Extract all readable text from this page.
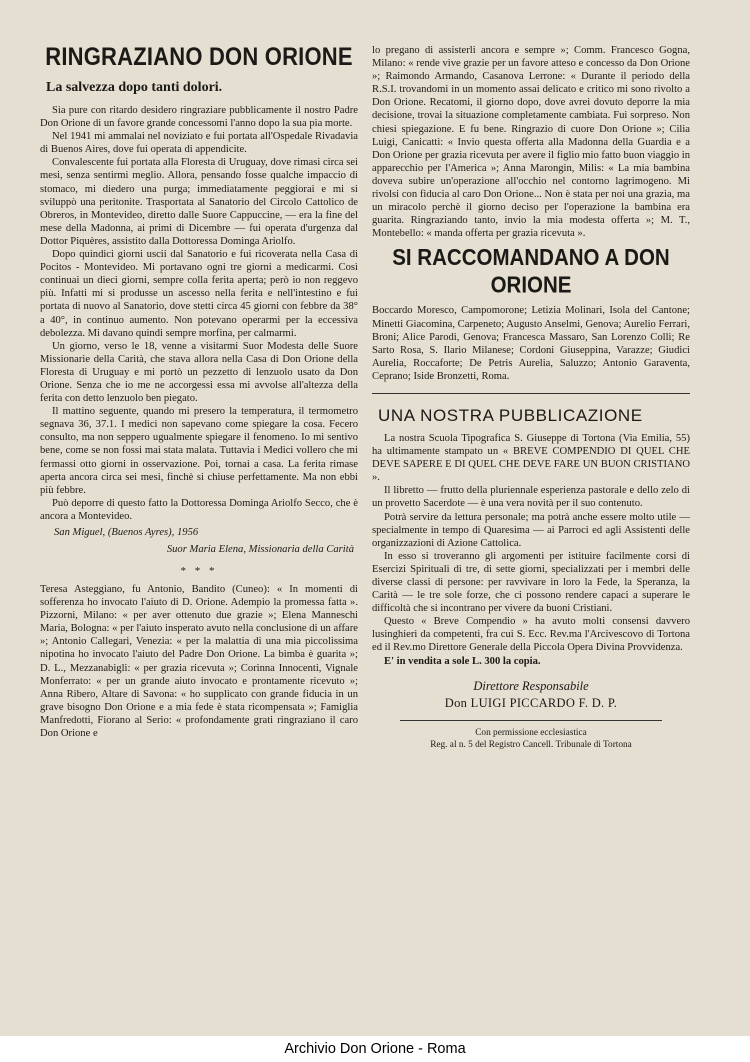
RINGRAZIANO DON ORIONE
La salvezza dopo tanti dolori.

Sia pure con ritardo desidero ringraziare pubblicamente il nostro Padre Don Orione di un favore grande concessomi l'anno dopo la sua pia morte.

Nel 1941 mi ammalai nel noviziato e fui portata all'Ospedale Rivadavia di Buenos Aires, dove fui operata di appendicite.

Convalescente fui portata alla Floresta di Uruguay, dove rimasi circa sei mesi, senza sentirmi meglio. Allora, pensando fosse qualche impaccio di stomaco, mi diedero una purga; immediatamente peggiorai e mi si sviluppò una peritonite. Trasportata al Sanatorio del Circolo Cattolico de Obreros, in Montevideo, diretto dalle Suore Cappuccine, — era la fine del mese della Madonna, ai primi di Dicembre — fui operata d'urgenza dal Dottor Piquères, assistito dalla Dottoressa Dominga Ariolfo.

Dopo quindici giorni uscii dal Sanatorio e fui ricoverata nella Casa di Pocitos - Montevideo. Mi portavano ogni tre giorni a medicarmi. Così continuai un dieci giorni, sempre colla ferita aperta; però io non reggevo più. Infatti mi si produsse un ascesso nella ferita e nell'intestino e fui portata di nuovo al Sanatorio, dove stetti circa 45 giorni con febbre da 38° a 40°, in continuo aumento. Non potevano operarmi per la eccessiva debolezza. Mi davano quindi sempre morfina, per calmarmi.

Un giorno, verso le 18, venne a visitarmi Suor Modesta delle Suore Missionarie della Carità, che stava allora nella Casa di Don Orione della Floresta di Uruguay e mi portò un pezzetto di lenzuolo usato da Don Orione. Senza che io me ne accorgessi essa mi avvolse all'altezza della ferita con detto lenzuolo ben piegato.

Il mattino seguente, quando mi presero la temperatura, il termometro segnava 36, 37.1. I medici non sapevano come spiegare la cosa. Fecero consulto, ma non seppero ugualmente spiegare il fenomeno. Io mi sentivo bene, come se non fossi mai stata malata. Tuttavia i Medici vollero che mi fermassi otto giorni in osservazione. Poi, tornai a casa. La ferita rimase aperta ancora circa sei mesi, finchè si chiuse perfettamente. Ma non ebbi più febbre.

Può deporre di questo fatto la Dottoressa Dominga Ariolfo Secco, che è ancora a Montevideo.

San Miguel, (Buenos Ayres), 1956
Suor Maria Elena, Missionaria della Carità
* * *

Teresa Asteggiano, fu Antonio, Bandito (Cuneo): « In momenti di sofferenza ho invocato l'aiuto di D. Orione. Adempio la promessa fatta ». Pizzorni, Milano: « per aver ottenuto due grazie »; Elena Manneschi Maria, Bologna: « per l'aiuto insperato avuto nella conclusione di un affare »; Antonio Callegari, Venezia: « per la malattia di una mia piccolissima nipotina ho invocato l'aiuto del Padre Don Orione. La bimba è guarita »; D. L., Mezzanabigli: « per grazia ricevuta »; Corinna Innocenti, Vignale Monferrato: « per un grande aiuto invocato e prontamente ricevuto »; Anna Ribero, Altare di Savona: « ho supplicato con grande fiducia in un grave bisogno Don Orione e a mia fede è stata ricompensata »; Famiglia Manfredotti, Fiorano al Serio: « profondamente grati ringraziano il caro Don Orione e

lo pregano di assisterli ancora e sempre »; Comm. Francesco Gogna, Milano: « rende vive grazie per un favore atteso e concesso da Don Orione »; Raimondo Armando, Casanova Lerrone: « Durante il periodo della R.S.I. trovandomi in un momento assai delicato e critico mi sono rivolto a Don Orione. Recatomi, il giorno dopo, dove avrei dovuto deporre la mia decisione, trovai la situazione completamente cambiata. Fui sorpreso. Non chiesi spiegazione. E fu bene. Ringrazio di cuore Don Orione »; Cilia Luigi, Canicattì: « Invio questa offerta alla Madonna della Guardia e a Don Orione per grazia ricevuta per avere il figlio mio fatto buon viaggio in apparecchio per l'America »; Anna Marongin, Milis: « La mia bambina doveva subire un'operazione all'occhio nel contorno lagrimogeno. Mi rivolsi con fiducia al caro Don Orione... Non è stata per noi una grazia, ma un miracolo perchè il giorno deciso per l'operazione la bambina era guarita. Ringraziando tanto, invio la mia modesta offerta »; M. T., Montebello: « manda offerta per grazia ricevuta ».

SI RACCOMANDANO A DON ORIONE

Boccardo Moresco, Campomorone; Letizia Molinari, Isola del Cantone; Minetti Giacomina, Carpeneto; Augusto Anselmi, Genova; Aurelio Ferrari, Broni; Alice Parodi, Genova; Francesca Massaro, San Lorenzo Colli; Re Sarto Rosa, S. Ilario Milanese; Cordoni Giuseppina, Varazze; Giudici Aurelia, Roccaforte; De Petris Aurelia, Saluzzo; Antonio Garaventa, Ceprano; Iside Bronzetti, Roma.

UNA NOSTRA PUBBLICAZIONE

La nostra Scuola Tipografica S. Giuseppe di Tortona (Via Emilia, 55) ha ultimamente stampato un « BREVE COMPENDIO DI QUEL CHE DEVE SAPERE E DI QUEL CHE DEVE FARE UN BUON CRISTIANO ».

Il libretto — frutto della pluriennale esperienza pastorale e dello zelo di un provetto Sacerdote — è una vera novità per il suo contenuto.

Potrà servire da lettura personale; ma potrà anche essere molto utile — specialmente in tempo di Quaresima — ai Parroci ed agli Assistenti delle organizzazioni di Azione Cattolica.

In esso si troveranno gli argomenti per istituire facilmente corsi di Esercizi Spirituali di tre, di sette giorni, specializzati per i membri delle diverse classi di persone: per ravvivare in loro la Fede, la Speranza, la Carità — le tre sole forze, che ci possono rendere capaci a superare le difficoltà che si incontrano per vivere da buoni Cristiani.

Questo « Breve Compendio » ha avuto molti consensi davvero lusinghieri da competenti, fra cui S. Ecc. Rev.ma l'Arcivescovo di Tortona ed il Rev.mo Direttore Generale della Piccola Opera Divina Provvidenza.

E' in vendita a sole L. 300 la copia.

Direttore Responsabile
Don LUIGI PICCARDO F. D. P.
Con permissione ecclesiastica
Reg. al n. 5 del Registro Cancell. Tribunale di Tortona
Archivio Don Orione - Roma
